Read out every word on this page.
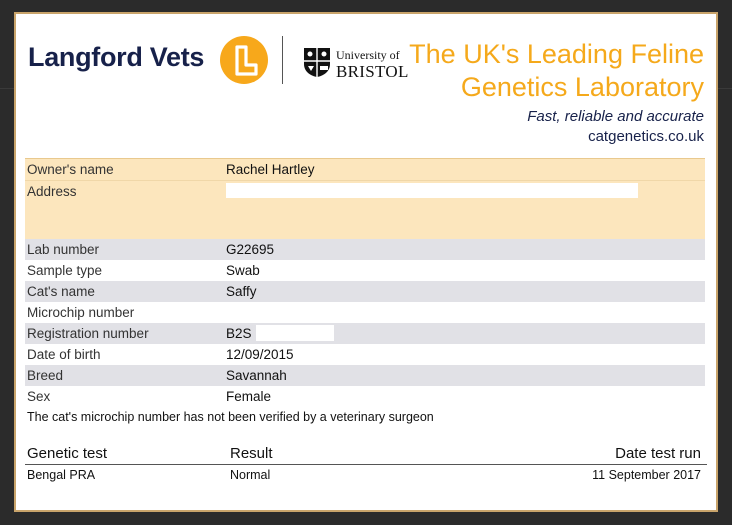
Langford Vets	University of
BRISTOL
The UK's Leading Feline
Genetics Laboratory
Fast, reliable and accurate
catgenetics.co.uk
Owner's name	Rachel Hartley
Address
Lab number	G22695
Sample type	Swab
Cat's name	Saffy
Microchip number
Registration number	B2S
Date of birth	12/09/2015
Breed	Savannah
Sex	Female
The cat's microchip number has not been verified by a veterinary surgeon
Genetic test	Result	Date test run
Bengal PRA	Normal	11 September 2017
